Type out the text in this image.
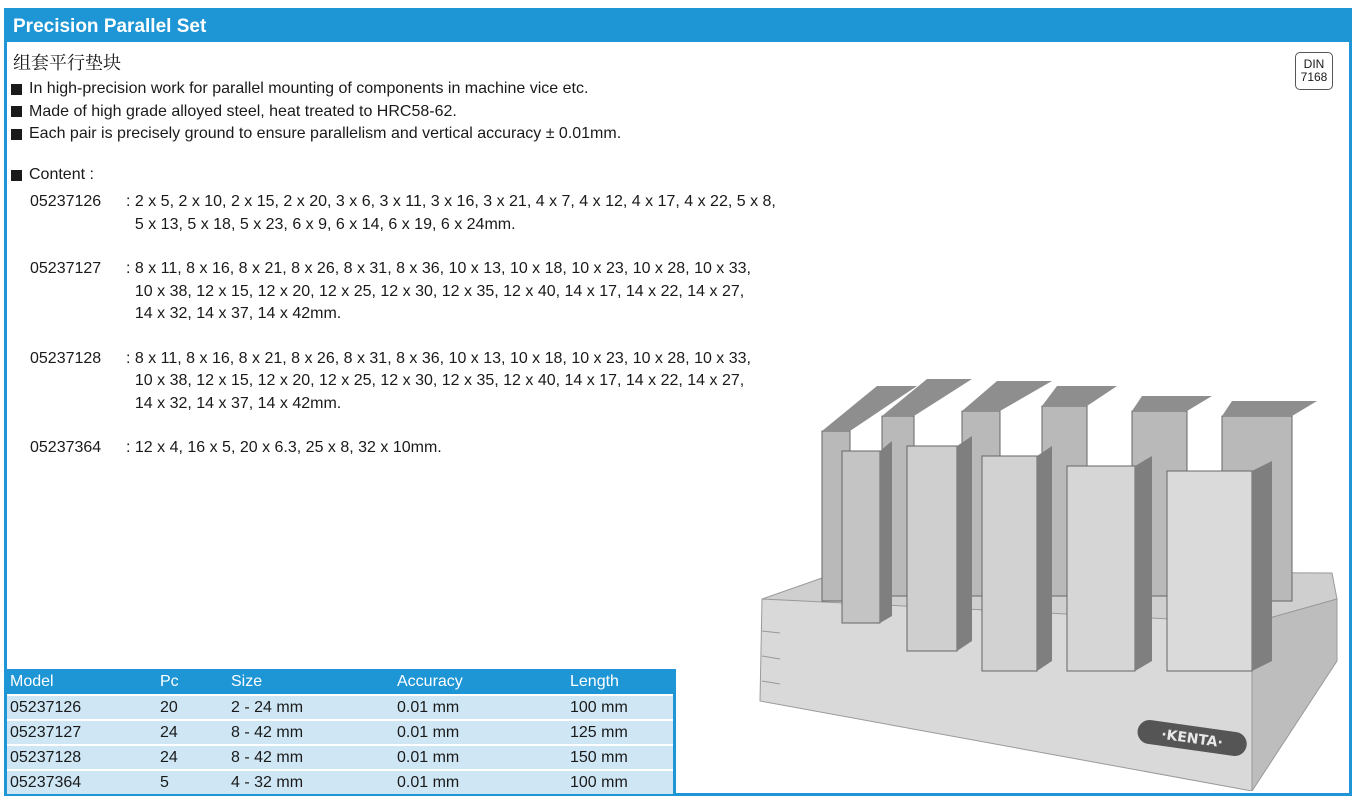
Precision Parallel Set
组套平行垫块	DIN
7168
In high-precision work for parallel mounting of components in machine vice etc.
Made of high grade alloyed steel, heat treated to HRC58-62.
Each pair is precisely ground to ensure parallelism and vertical accuracy ± 0.01mm.
Content :
05237126	: 2 x 5, 2 x 10, 2 x 15, 2 x 20, 3 x 6, 3 x 11, 3 x 16, 3 x 21, 4 x 7, 4 x 12, 4 x 17, 4 x 22, 5 x 8,
5 x 13, 5 x 18, 5 x 23, 6 x 9, 6 x 14, 6 x 19, 6 x 24mm.
05237127	: 8 x 11, 8 x 16, 8 x 21, 8 x 26, 8 x 31, 8 x 36, 10 x 13, 10 x 18, 10 x 23, 10 x 28, 10 x 33,
10 x 38, 12 x 15, 12 x 20, 12 x 25, 12 x 30, 12 x 35, 12 x 40, 14 x 17, 14 x 22, 14 x 27,
14 x 32, 14 x 37, 14 x 42mm.
05237128	: 8 x 11, 8 x 16, 8 x 21, 8 x 26, 8 x 31, 8 x 36, 10 x 13, 10 x 18, 10 x 23, 10 x 28, 10 x 33,
10 x 38, 12 x 15, 12 x 20, 12 x 25, 12 x 30, 12 x 35, 12 x 40, 14 x 17, 14 x 22, 14 x 27,
14 x 32, 14 x 37, 14 x 42mm.
05237364	: 12 x 4, 16 x 5, 20 x 6.3, 25 x 8, 32 x 10mm.
·KENTA·
Model	Pc	Size	Accuracy	Length
05237126	20	2 - 24 mm	0.01 mm	100 mm
05237127	24	8 - 42 mm	0.01 mm	125 mm
05237128	24	8 - 42 mm	0.01 mm	150 mm
05237364	5	4 - 32 mm	0.01 mm	100 mm
